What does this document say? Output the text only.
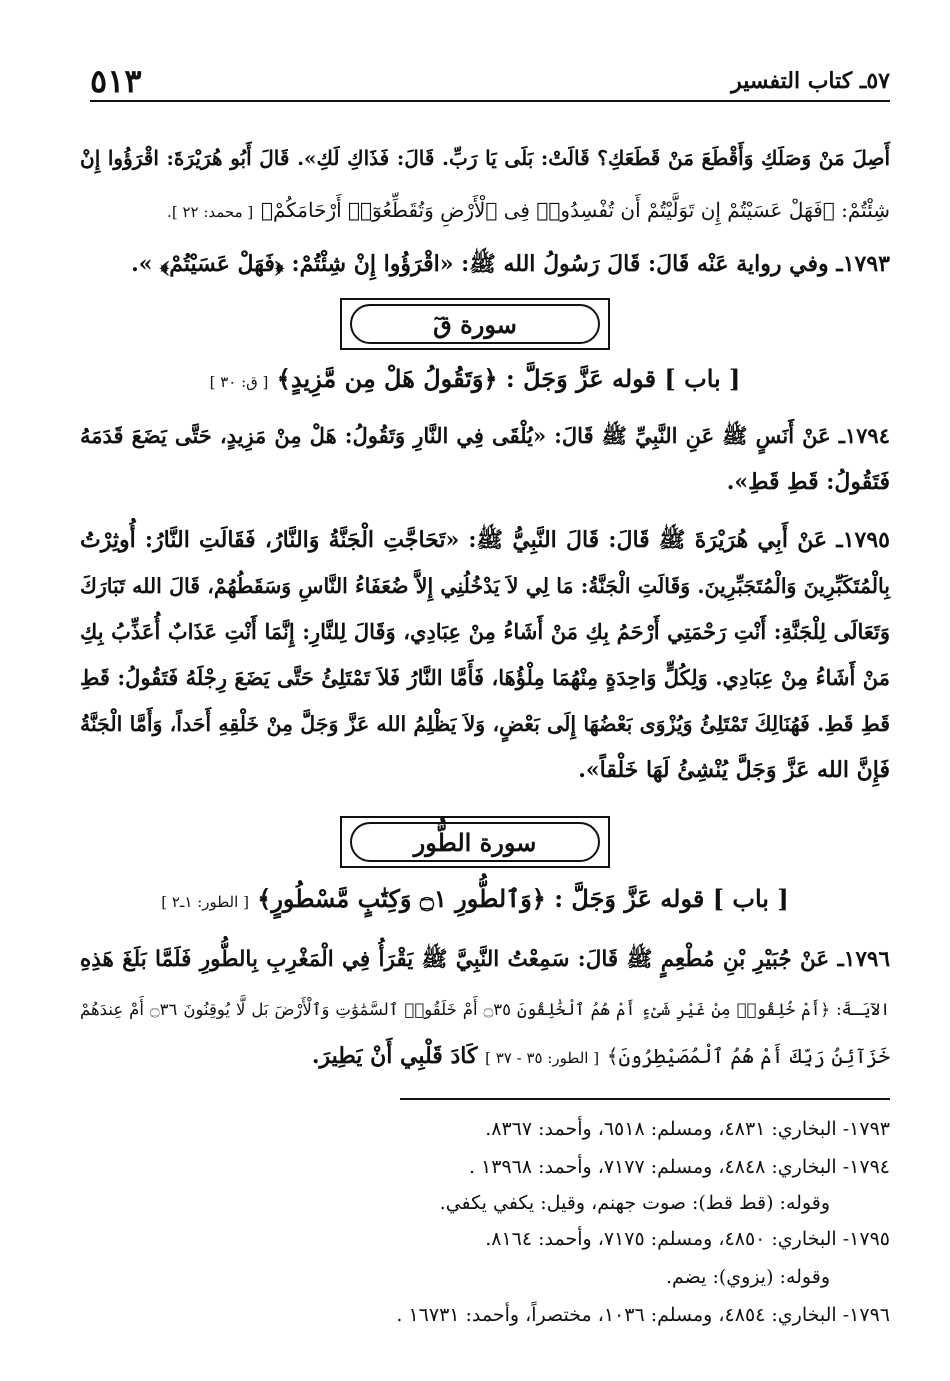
٥٧ـ كتاب التفسير
٥١٣
أَصِلَ مَنْ وَصَلَكِ وَأَقْطَعَ مَنْ قَطَعَكِ؟ قَالَتْ: بَلَى يَا رَبِّ. قَالَ: فَذَاكِ لَكِ». قَالَ أَبُو هُرَيْرَةَ: اقْرَؤُوا إِنْ
شِئْتُمْ: ﴿فَهَلْ عَسَيْتُمْ إِن تَوَلَّيْتُمْ أَن تُفْسِدُوا۟ فِى ٱلْأَرْضِ وَتُقَطِّعُوٓا۟ أَرْحَامَكُمْ﴾ [ محمد: ٢٢ ].
١٧٩٣ـ وفي رواية عَنْه قَالَ: قَالَ رَسُولُ الله ﷺ: «اقْرَؤُوا إِنْ شِئْتُمْ: ﴿فَهَلْ عَسَيْتُمْ﴾ ».
سورة قٓ
[ باب ] قوله عَزَّ وَجَلَّ : ﴿وَتَقُولُ هَلْ مِن مَّزِيدٍ﴾ [ ق: ٣٠ ]
١٧٩٤ـ عَنْ أَنَسٍ ﷺ عَنِ النَّبِيِّ ﷺ قَالَ: «يُلْقَى فِي النَّارِ وَتَقُولُ: هَلْ مِنْ مَزِيدٍ، حَتَّى يَضَعَ قَدَمَهُ
فَتَقُولُ: قَطِ قَطِ».
١٧٩٥ـ عَنْ أَبِي هُرَيْرَةَ ﷺ قَالَ: قَالَ النَّبِيُّ ﷺ: «تَحَاجَّتِ الْجَنَّةُ وَالنَّارُ، فَقَالَتِ النَّارُ: أُوثِرْتُ
بِالْمُتَكَبِّرِينَ وَالْمُتَجَبِّرِينَ. وَقَالَتِ الْجَنَّةُ: مَا لِي لاَ يَدْخُلُنِي إِلاَّ ضُعَفَاءُ النَّاسِ وَسَقَطُهُمْ، قَالَ الله تَبَارَكَ
وَتَعَالَى لِلْجَنَّةِ: أَنْتِ رَحْمَتِي أَرْحَمُ بِكِ مَنْ أَشَاءُ مِنْ عِبَادِي، وَقَالَ لِلنَّارِ: إِنَّمَا أَنْتِ عَذَابٌ أُعَذِّبُ بِكِ
مَنْ أَشَاءُ مِنْ عِبَادِي. وَلِكُلٍّ وَاحِدَةٍ مِنْهُمَا مِلْؤُهَا، فَأَمَّا النَّارُ فَلاَ تَمْتَلِئُ حَتَّى يَضَعَ رِجْلَهُ فَتَقُولُ: قَطِ
قَطِ قَطِ. فَهُنَالِكَ تَمْتَلِئُ وَيُزْوَى بَعْضُهَا إِلَى بَعْضٍ، وَلاَ يَظْلِمُ الله عَزَّ وَجَلَّ مِنْ خَلْقِهِ أَحَداً، وَأَمَّا الْجَنَّةُ
فَإِنَّ الله عَزَّ وَجَلَّ يُنْشِئُ لَهَا خَلْقاً».
سورة الطُّور
[ باب ] قوله عَزَّ وَجَلَّ : ﴿وَٱلطُّورِ ۝١ وَكِتَٰبٍ مَّسْطُورٍ﴾ [ الطور: ١ـ٢ ]
١٧٩٦ـ عَنْ جُبَيْرِ بْنِ مُطْعِمٍ ﷺ قَالَ: سَمِعْتُ النَّبِيَّ ﷺ يَقْرَأُ فِي الْمَغْرِبِ بِالطُّورِ فَلَمَّا بَلَغَ هَذِهِ
الآيَـةَ: ﴿أَمْ خُلِقُوا۟ مِنْ غَيْرِ شَىْءٍ أَمْ هُمُ ٱلْخَٰلِقُونَ ۝٣٥ أَمْ خَلَقُوا۟ ٱلسَّمَٰوَٰتِ وَٱلْأَرْضَ بَل لَّا يُوقِنُونَ ۝٣٦ أَمْ عِندَهُمْ
خَزَآئِنُ رَبِّكَ أَمْ هُمُ ٱلْمُصَيْطِرُونَ﴾ [ الطور: ٣٥ - ٣٧ ] كَادَ قَلْبِي أَنْ يَطِيرَ.
١٧٩٣- البخاري: ٤٨٣١، ومسلم: ٦٥١٨، وأحمد: ٨٣٦٧.
١٧٩٤- البخاري: ٤٨٤٨، ومسلم: ٧١٧٧، وأحمد: ١٣٩٦٨ .
وقوله: (قط قط): صوت جهنم، وقيل: يكفي يكفي.
١٧٩٥- البخاري: ٤٨٥٠، ومسلم: ٧١٧٥، وأحمد: ٨١٦٤.
وقوله: (يزوي): يضم.
١٧٩٦- البخاري: ٤٨٥٤، ومسلم: ١٠٣٦، مختصراً، وأحمد: ١٦٧٣١ .
